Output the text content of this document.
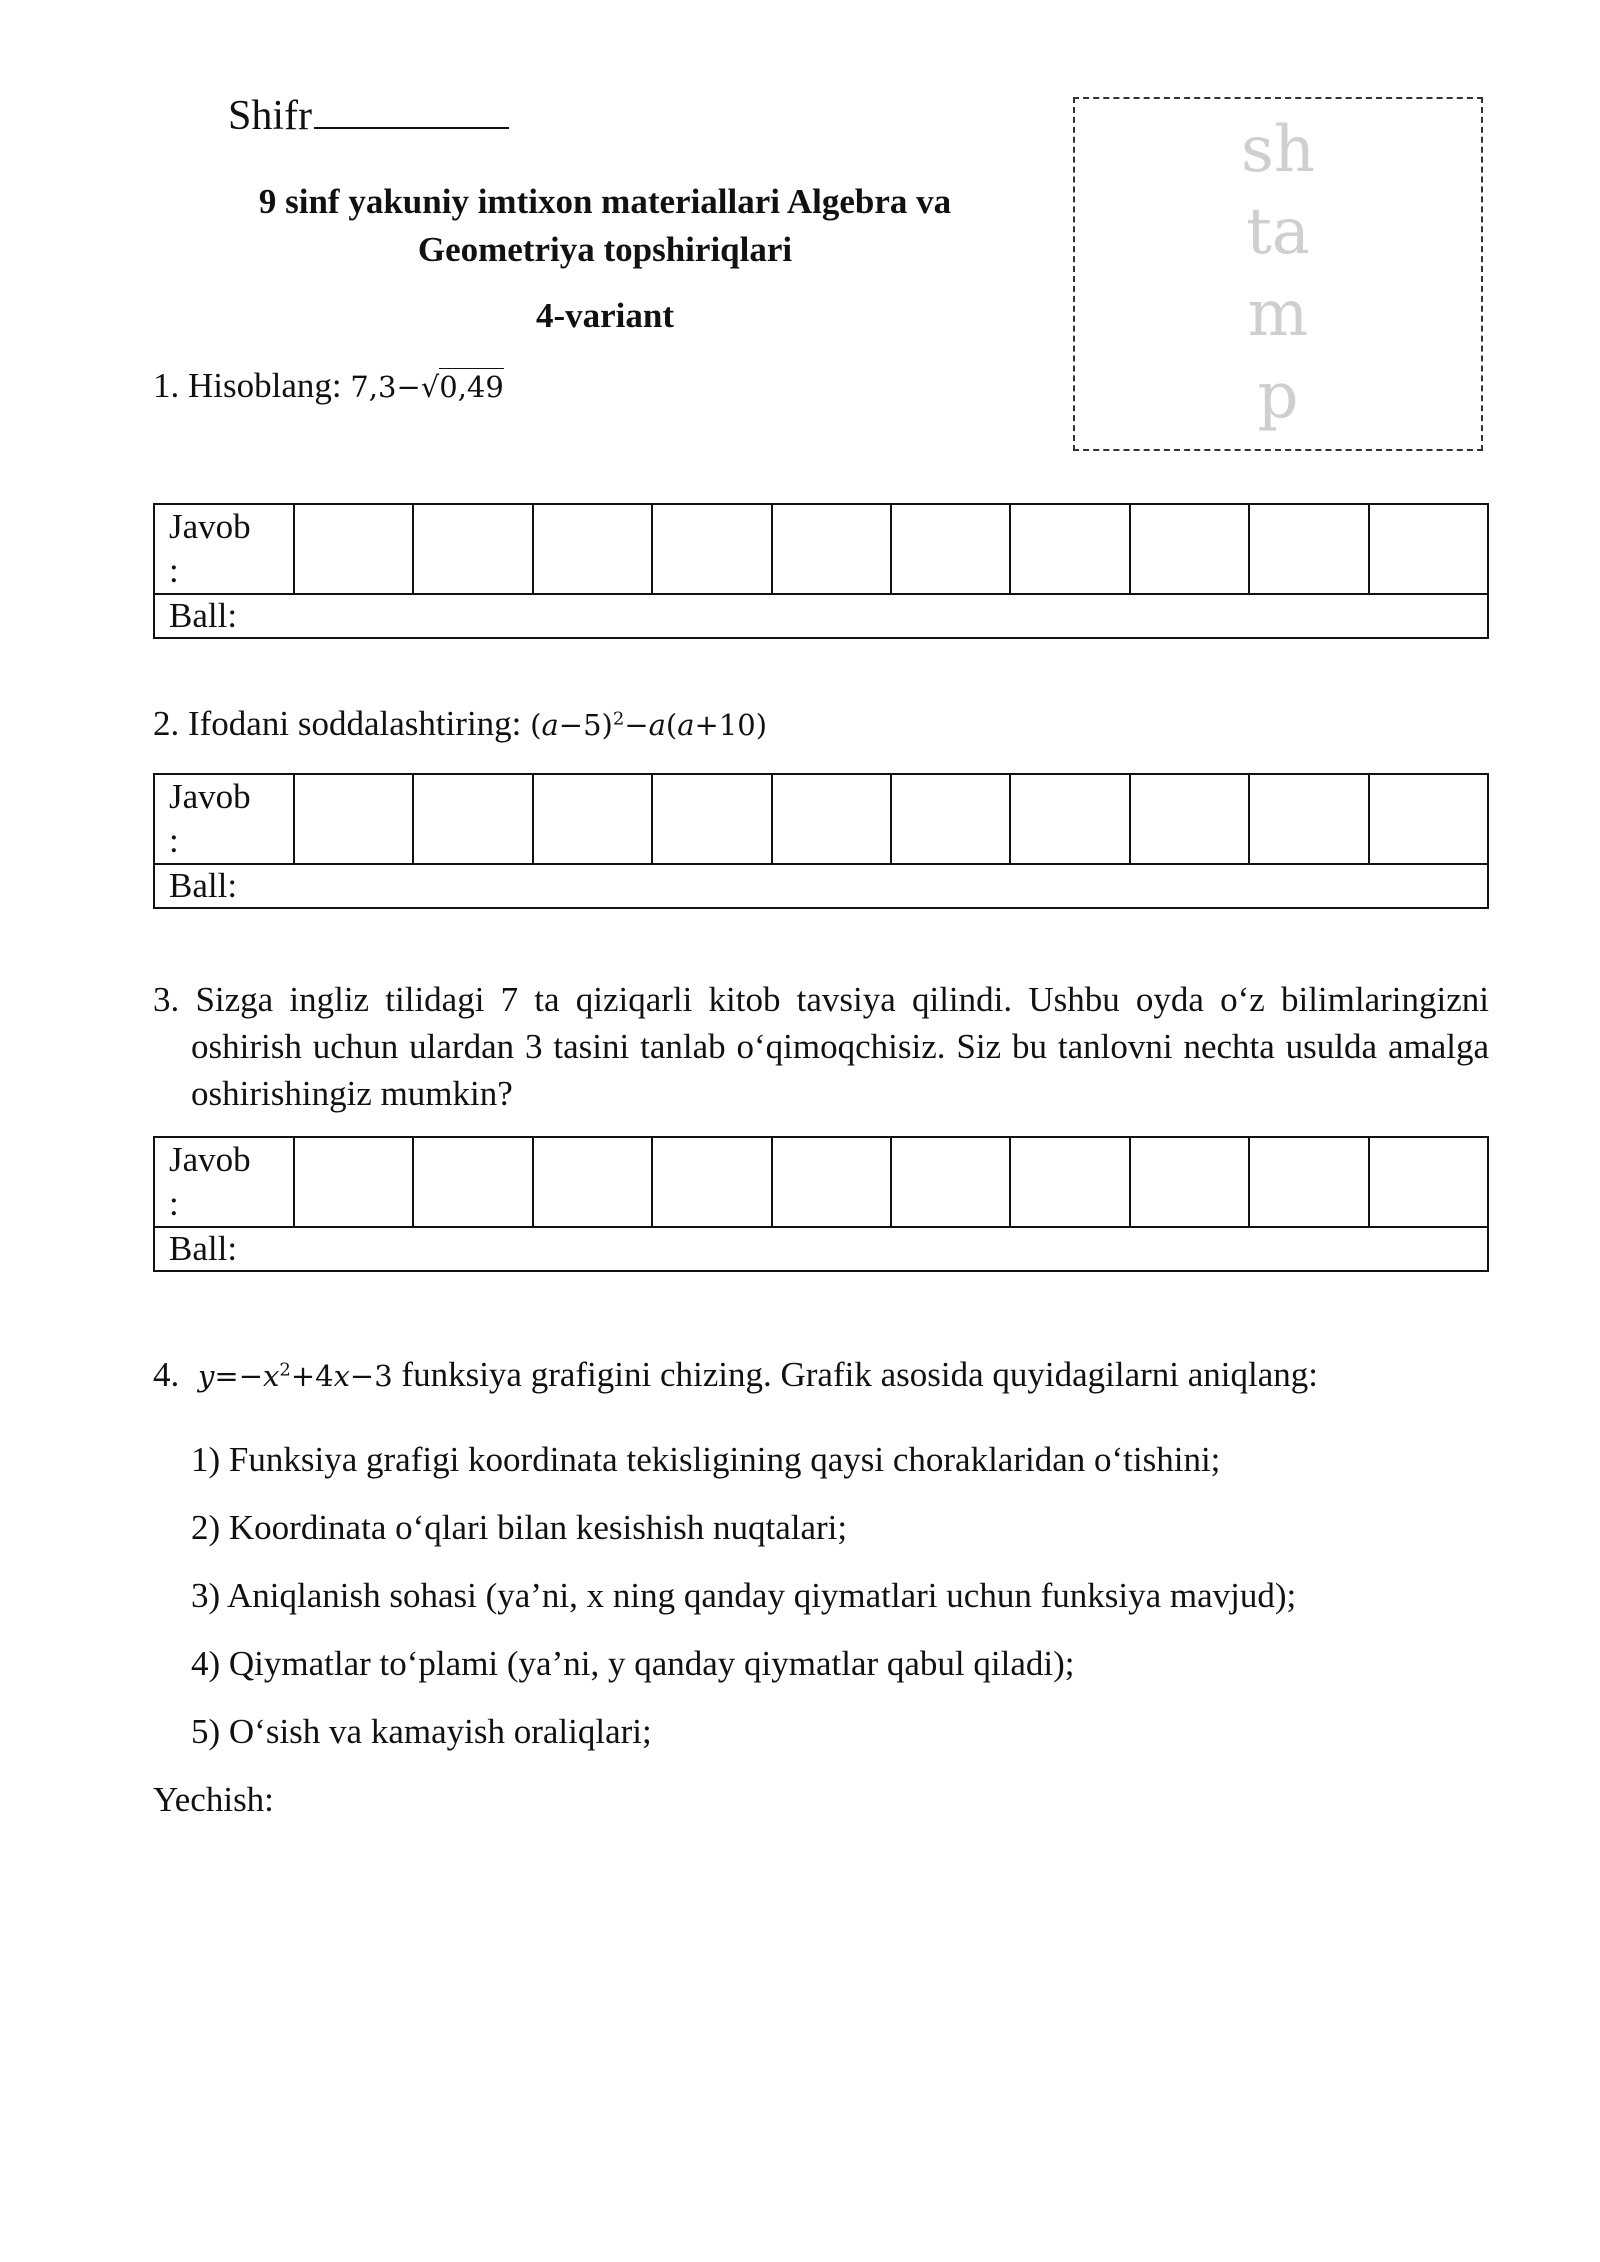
Shifr
9 sinf yakuniy imtixon materiallari Algebra va
Geometriya topshiriqlari
4-variant
sh
ta
m
p
1. Hisoblang: 7,3−√0,49
Javob
:										
Ball:
2. Ifodani soddalashtiring: $(a-5)^2-a(a+10)$
Javob
:										
Ball:
3. Sizga ingliz tilidagi 7 ta qiziqarli kitob tavsiya qilindi. Ushbu oyda o‘z bilimlaringizni oshirish uchun ulardan 3 tasini tanlab o‘qimoqchisiz. Siz bu tanlovni nechta usulda amalga oshirishingiz mumkin?
Javob
:										
Ball:
4. $y=-x^2+4x-3$ funksiya grafigini chizing. Grafik asosida quyidagilarni aniqlang:
1) Funksiya grafigi koordinata tekisligining qaysi choraklaridan o‘tishini;
2) Koordinata o‘qlari bilan kesishish nuqtalari;
3) Aniqlanish sohasi (ya’ni, x ning qanday qiymatlari uchun funksiya mavjud);
4) Qiymatlar to‘plami (ya’ni, y qanday qiymatlar qabul qiladi);
5) O‘sish va kamayish oraliqlari;
Yechish:
